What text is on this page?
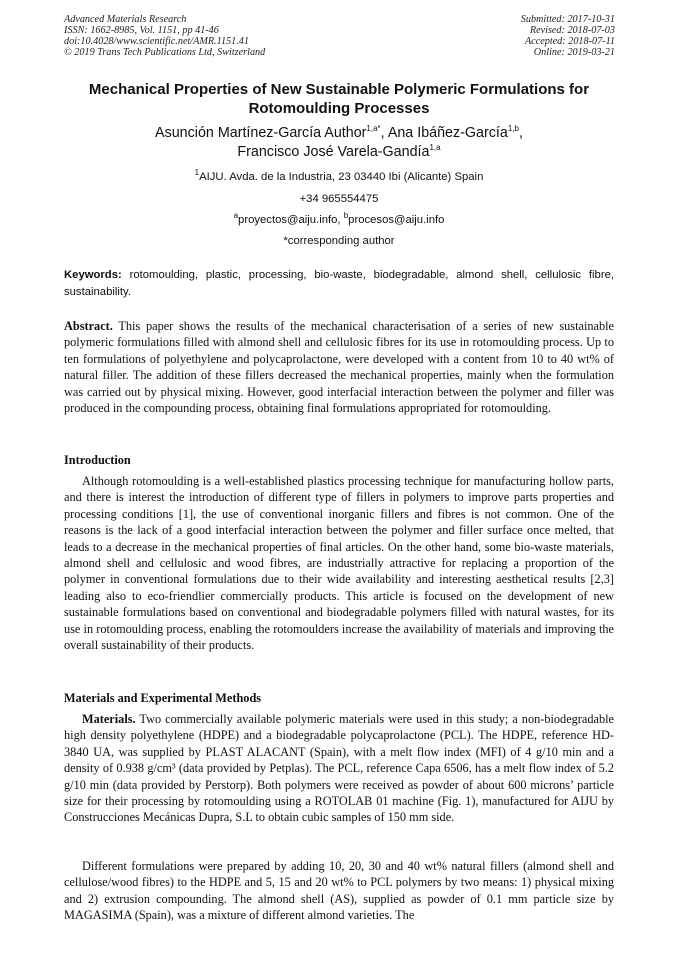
Advanced Materials Research
ISSN: 1662-8985, Vol. 1151, pp 41-46
doi:10.4028/www.scientific.net/AMR.1151.41
© 2019 Trans Tech Publications Ltd, Switzerland
Submitted: 2017-10-31
Revised: 2018-07-03
Accepted: 2018-07-11
Online: 2019-03-21
Mechanical Properties of New Sustainable Polymeric Formulations for Rotomoulding Processes
Asunción Martínez-García Author$^{1,a*}$, Ana Ibáñez-García$^{1,b}$,
Francisco José Varela-Gandía$^{1,a}$
$^1$AIJU. Avda. de la Industria, 23 03440 Ibi (Alicante) Spain
+34 965554475
$^a$proyectos@aiju.info, $^b$procesos@aiju.info
*corresponding author
Keywords: rotomoulding, plastic, processing, bio-waste, biodegradable, almond shell, cellulosic fibre, sustainability.
Abstract. This paper shows the results of the mechanical characterisation of a series of new sustainable polymeric formulations filled with almond shell and cellulosic fibres for its use in rotomoulding process. Up to ten formulations of polyethylene and polycaprolactone, were developed with a content from 10 to 40 wt% of natural filler. The addition of these fillers decreased the mechanical properties, mainly when the formulation was carried out by physical mixing. However, good interfacial interaction between the polymer and filler was produced in the compounding process, obtaining final formulations appropriated for rotomoulding.
Introduction
Although rotomoulding is a well-established plastics processing technique for manufacturing hollow parts, and there is interest the introduction of different type of fillers in polymers to improve parts properties and processing conditions [1], the use of conventional inorganic fillers and fibres is not common. One of the reasons is the lack of a good interfacial interaction between the polymer and filler surface once melted, that leads to a decrease in the mechanical properties of final articles. On the other hand, some bio-waste materials, almond shell and cellulosic and wood fibres, are industrially attractive for replacing a proportion of the polymer in conventional formulations due to their wide availability and interesting aesthetical results [2,3] leading also to eco-friendlier commercially products. This article is focused on the development of new sustainable formulations based on conventional and biodegradable polymers filled with natural wastes, for its use in rotomoulding process, enabling the rotomoulders increase the availability of materials and improving the overall sustainability of their products.
Materials and Experimental Methods
Materials. Two commercially available polymeric materials were used in this study; a non-biodegradable high density polyethylene (HDPE) and a biodegradable polycaprolactone (PCL). The HDPE, reference HD-3840 UA, was supplied by PLAST ALACANT (Spain), with a melt flow index (MFI) of 4 g/10 min and a density of 0.938 g/cm³ (data provided by Petplas). The PCL, reference Capa 6506, has a melt flow index of 5.2 g/10 min (data provided by Perstorp). Both polymers were received as powder of about 600 microns’ particle size for their processing by rotomoulding using a ROTOLAB 01 machine (Fig. 1), manufactured for AIJU by Construcciones Mecánicas Dupra, S.L to obtain cubic samples of 150 mm side.
Different formulations were prepared by adding 10, 20, 30 and 40 wt% natural fillers (almond shell and cellulose/wood fibres) to the HDPE and 5, 15 and 20 wt% to PCL polymers by two means: 1) physical mixing and 2) extrusion compounding. The almond shell (AS), supplied as powder of 0.1 mm particle size by MAGASIMA (Spain), was a mixture of different almond varieties. The
